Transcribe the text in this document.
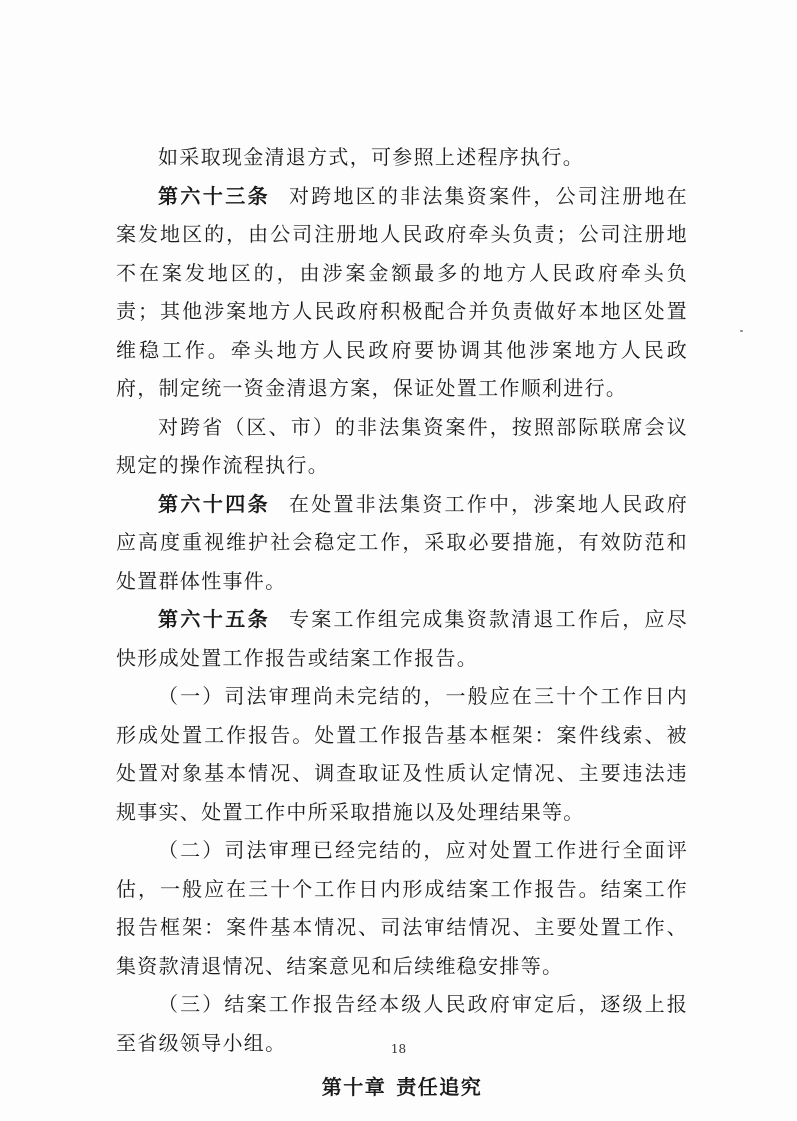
如采取现金清退方式，可参照上述程序执行。

第六十三条 对跨地区的非法集资案件，公司注册地在案发地区的，由公司注册地人民政府牵头负责；公司注册地不在案发地区的，由涉案金额最多的地方人民政府牵头负责；其他涉案地方人民政府积极配合并负责做好本地区处置维稳工作。牵头地方人民政府要协调其他涉案地方人民政府，制定统一资金清退方案，保证处置工作顺利进行。

对跨省（区、市）的非法集资案件，按照部际联席会议规定的操作流程执行。

第六十四条 在处置非法集资工作中，涉案地人民政府应高度重视维护社会稳定工作，采取必要措施，有效防范和处置群体性事件。

第六十五条 专案工作组完成集资款清退工作后，应尽快形成处置工作报告或结案工作报告。

（一）司法审理尚未完结的，一般应在三十个工作日内形成处置工作报告。处置工作报告基本框架：案件线索、被处置对象基本情况、调查取证及性质认定情况、主要违法违规事实、处置工作中所采取措施以及处理结果等。

（二）司法审理已经完结的，应对处置工作进行全面评估，一般应在三十个工作日内形成结案工作报告。结案工作报告框架：案件基本情况、司法审结情况、主要处置工作、集资款清退情况、结案意见和后续维稳安排等。

（三）结案工作报告经本级人民政府审定后，逐级上报至省级领导小组。

第十章 责任追究
18
